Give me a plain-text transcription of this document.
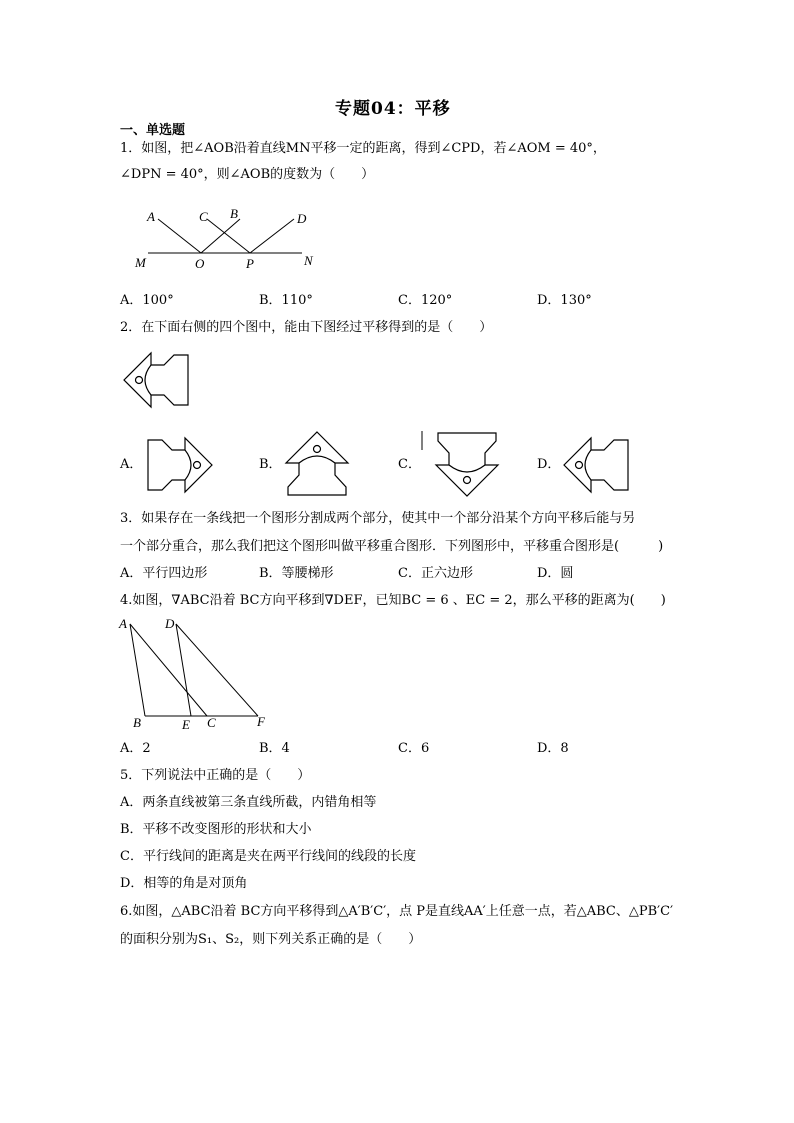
专题04：平移
一、单选题
1．如图，把∠AOB沿着直线MN平移一定的距离，得到∠CPD，若∠AOM = 40°，
∠DPN = 40°，则∠AOB的度数为（　　）
A	C B	D
M	O	P	N
A．100°	B．110°	C．120°	D．130°
2．在下面右侧的四个图中，能由下图经过平移得到的是（　　）
A．	B．	C．	D．
3．如果存在一条线把一个图形分割成两个部分，使其中一个部分沿某个方向平移后能与另
一个部分重合，那么我们把这个图形叫做平移重合图形．下列图形中，平移重合图形是(　　　)
A．平行四边形	B．等腰梯形	C．正六边形	D．圆
4.如图，∇ABC沿着 BC方向平移到∇DEF，已知BC = 6 、EC = 2，那么平移的距离为(　　)
A	D
B	E C	F
A．2	B．4	C．6	D．8
5．下列说法中正确的是（　　）
A．两条直线被第三条直线所截，内错角相等
B．平移不改变图形的形状和大小
C．平行线间的距离是夹在两平行线间的线段的长度
D．相等的角是对顶角
6.如图，△ABC沿着 BC方向平移得到△A′B′C′，点 P是直线AA′上任意一点，若△ABC、△PB′C′
的面积分别为S₁、S₂，则下列关系正确的是（　　）
